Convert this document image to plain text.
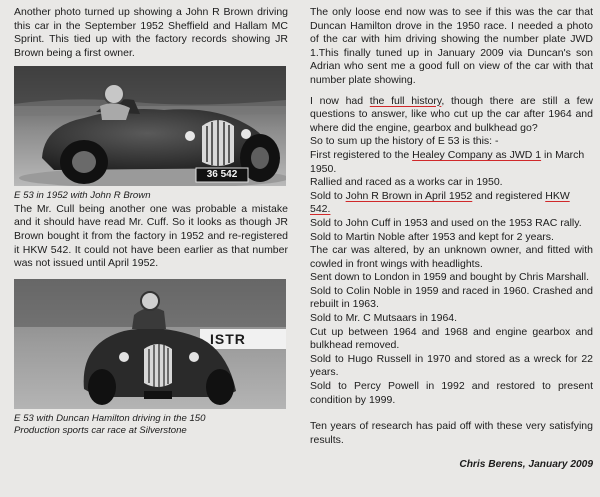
Another photo turned up showing a John R Brown driving this car in the September 1952 Sheffield and Hallam MC Sprint. This tied up with the factory records showing JR Brown being a first owner.

36 542

E 53 in 1952 with John R Brown

The Mr. Cull being another one was probable a mistake and it should have read Mr. Cuff. So it looks as though JR Brown bought it from the factory in 1952 and re-registered it HKW 542. It could not have been earlier as that number was not issued until April 1952.

ISTR

E 53 with Duncan Hamilton driving in the 150
Production sports car race at Silverstone

The only loose end now was to see if this was the car that Duncan Hamilton drove in the 1950 race. I needed a photo of the car with him driving showing the number plate JWD 1.This finally tuned up in January 2009 via Duncan's son Adrian who sent me a good full on view of the car with that number plate showing.

I now had the full history, though there are still a few questions to answer, like who cut up the car after 1964 and where did the engine, gearbox and bulkhead go?

So to sum up the history of E 53 is this: -

First registered to the Healey Company as JWD 1 in March 1950.

Rallied and raced as a works car in 1950.

Sold to John R Brown in April 1952 and registered HKW 542.

Sold to John Cuff in 1953 and used on the 1953 RAC rally.

Sold to Martin Noble after 1953 and kept for 2 years.

The car was altered, by an unknown owner, and fitted with cowled in front wings with headlights.

Sent down to London in 1959 and bought by Chris Marshall.

Sold to Colin Noble in 1959 and raced in 1960. Crashed and rebuilt in 1963.

Sold to Mr. C Mutsaars in 1964.

Cut up between 1964 and 1968 and engine gearbox and bulkhead removed.

Sold to Hugo Russell in 1970 and stored as a wreck for 22 years.

Sold to Percy Powell in 1992 and restored to present condition by 1999.

Ten years of research has paid off with these very satisfying results.

Chris Berens, January 2009
